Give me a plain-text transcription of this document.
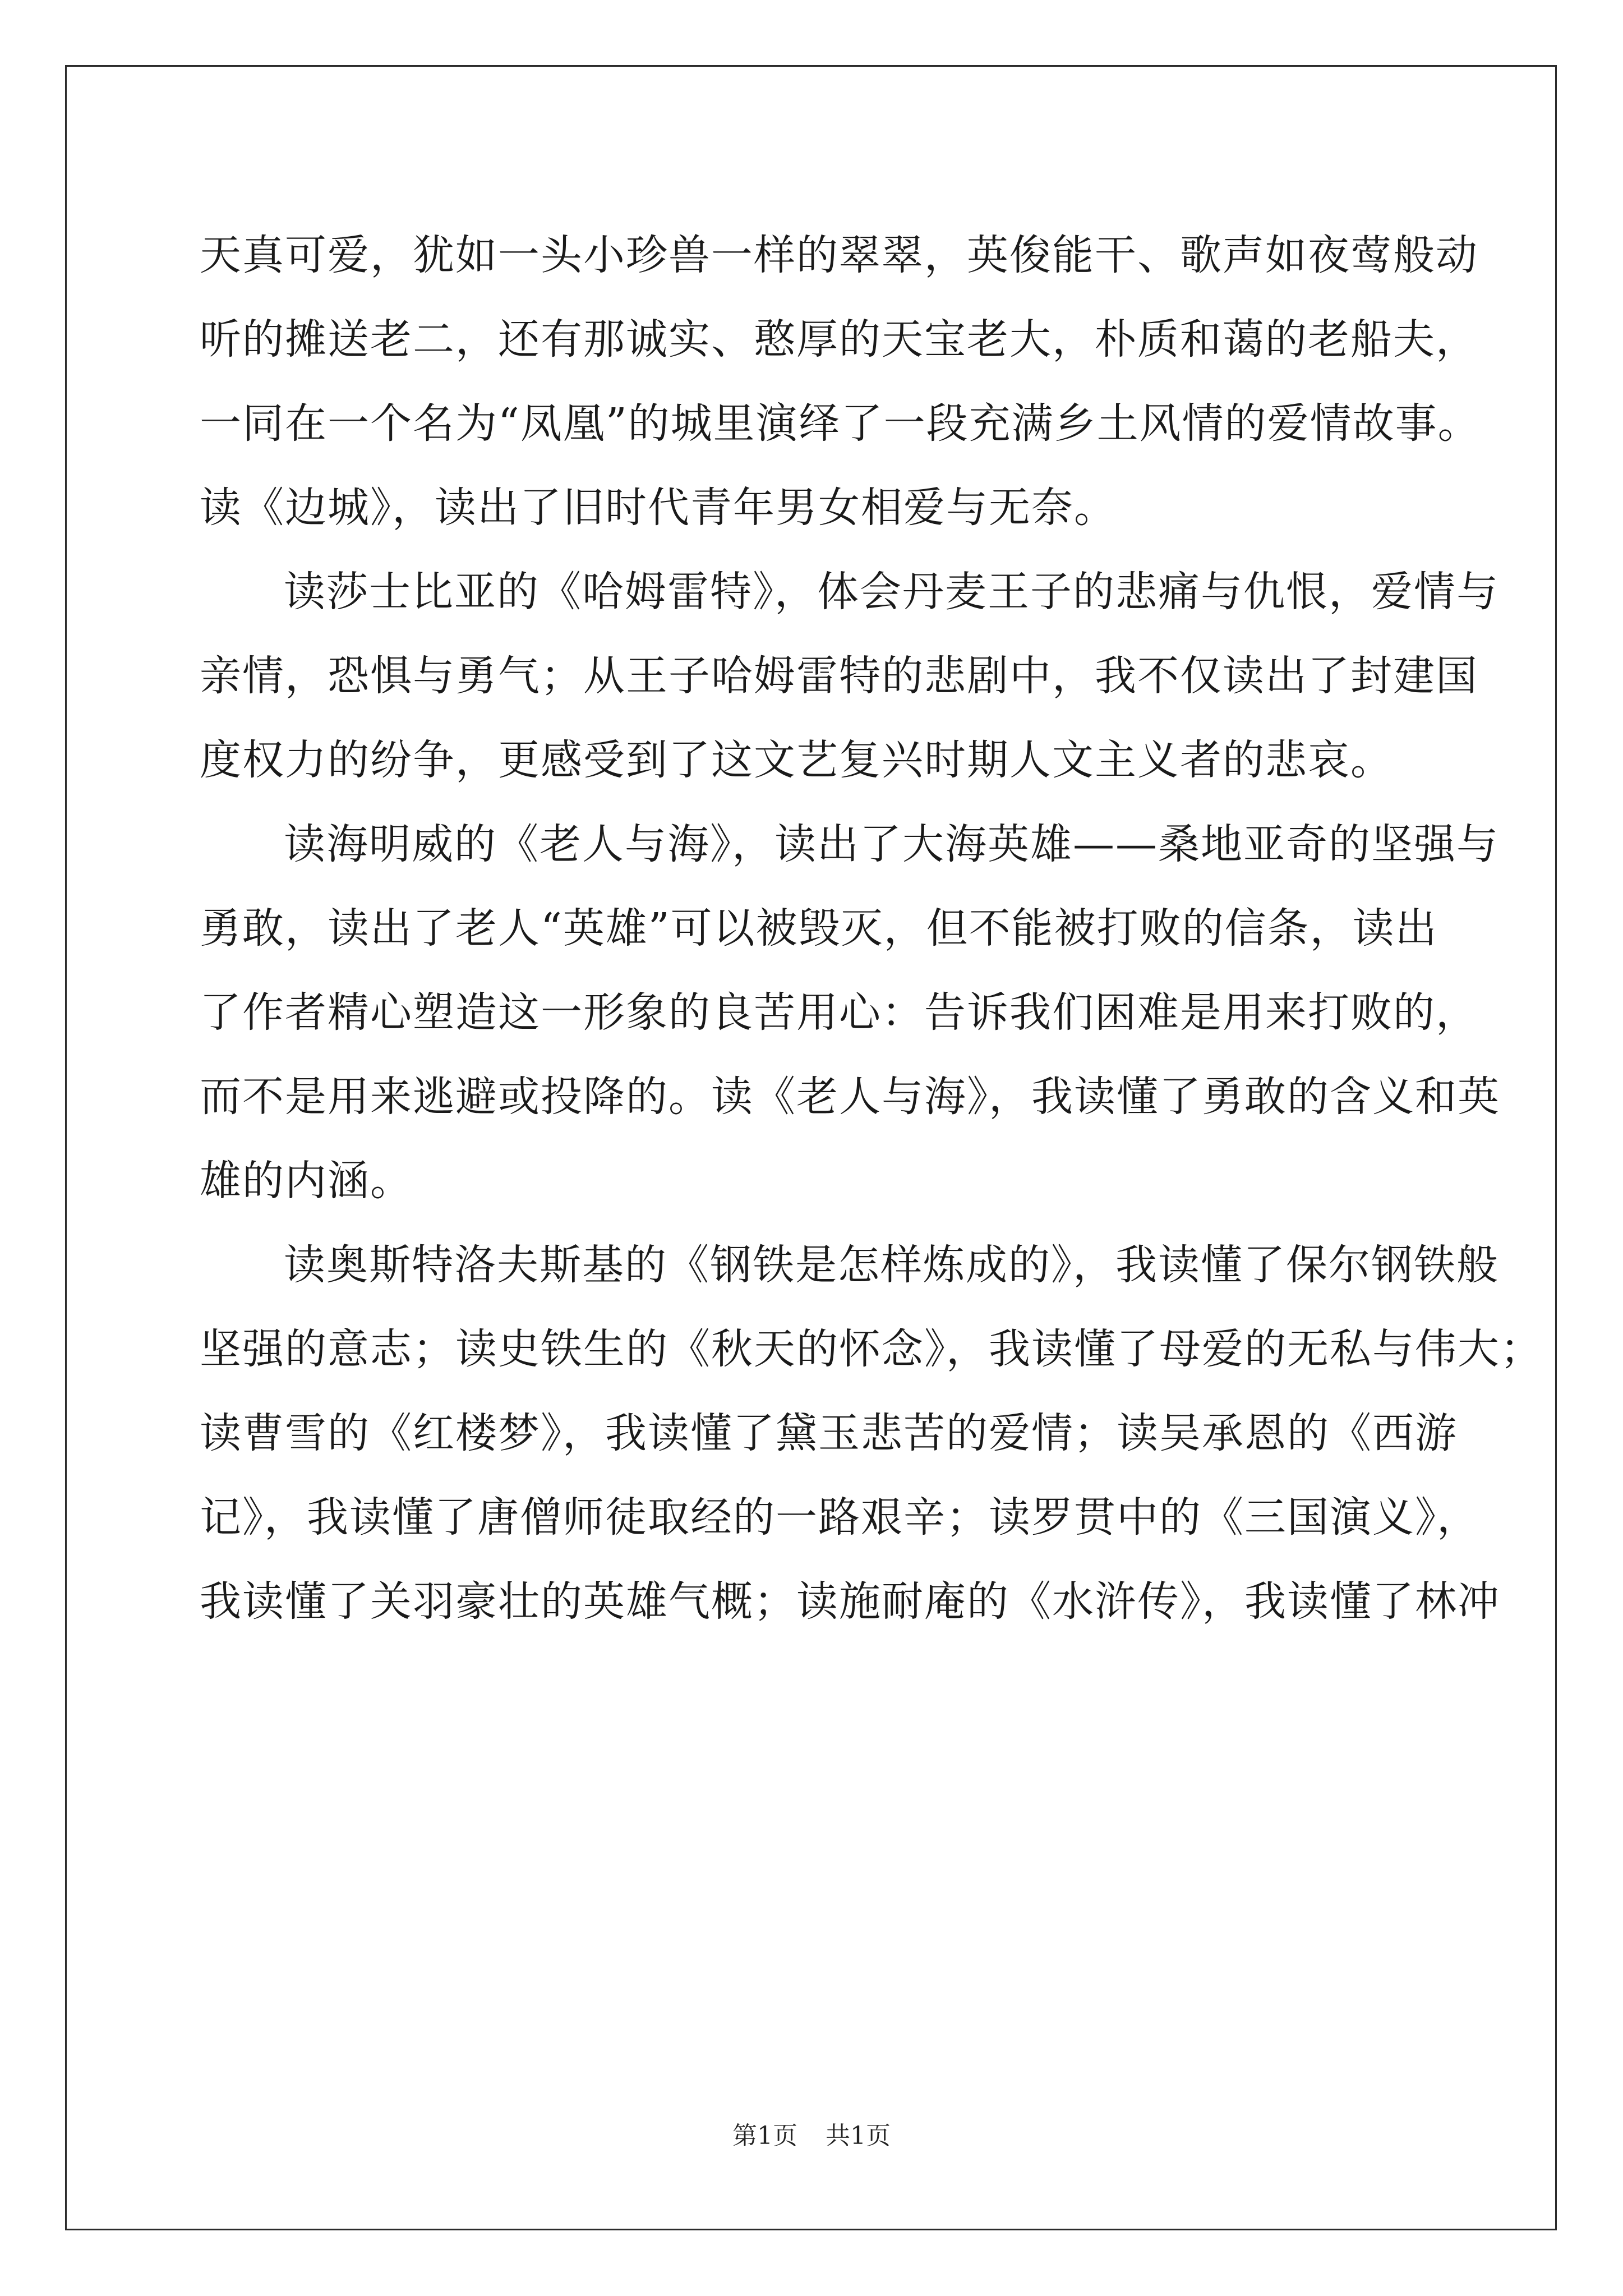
天真可爱，犹如一头小珍兽一样的翠翠，英俊能干、歌声如夜莺般动
听的摊送老二，还有那诚实、憨厚的天宝老大，朴质和蔼的老船夫，
一同在一个名为“凤凰”的城里演绎了一段充满乡土风情的爱情故事。
读《边城》，读出了旧时代青年男女相爱与无奈。
读莎士比亚的《哈姆雷特》，体会丹麦王子的悲痛与仇恨，爱情与
亲情，恐惧与勇气；从王子哈姆雷特的悲剧中，我不仅读出了封建国
度权力的纷争，更感受到了这文艺复兴时期人文主义者的悲哀。
读海明威的《老人与海》，读出了大海英雄——桑地亚奇的坚强与
勇敢，读出了老人“英雄”可以被毁灭，但不能被打败的信条，读出
了作者精心塑造这一形象的良苦用心：告诉我们困难是用来打败的，
而不是用来逃避或投降的。读《老人与海》，我读懂了勇敢的含义和英
雄的内涵。
读奥斯特洛夫斯基的《钢铁是怎样炼成的》，我读懂了保尔钢铁般
坚强的意志；读史铁生的《秋天的怀念》，我读懂了母爱的无私与伟大；
读曹雪的《红楼梦》，我读懂了黛玉悲苦的爱情；读吴承恩的《西游
记》，我读懂了唐僧师徒取经的一路艰辛；读罗贯中的《三国演义》，
我读懂了关羽豪壮的英雄气概；读施耐庵的《水浒传》，我读懂了林冲
第1页 共1页
